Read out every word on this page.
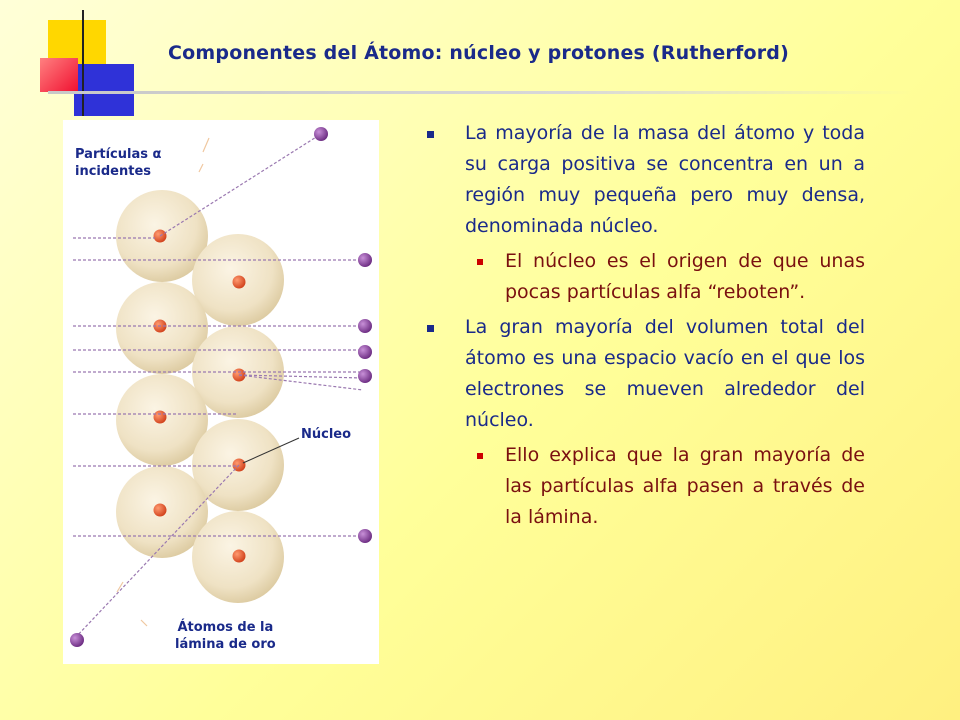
Componentes del Átomo: núcleo y protones (Rutherford)
Partículas α
incidentes
Núcleo
Átomos de la
lámina de oro
La mayoría de la masa del átomo y toda su carga positiva se concentra en un a región muy pequeña pero muy densa, denominada núcleo.
El núcleo es el origen de que unas pocas partículas alfa “reboten”.
La gran mayoría del volumen total del átomo es una espacio vacío en el que los electrones se mueven alrededor del núcleo.
Ello explica que la gran mayoría de las partículas alfa pasen a través de la lámina.
